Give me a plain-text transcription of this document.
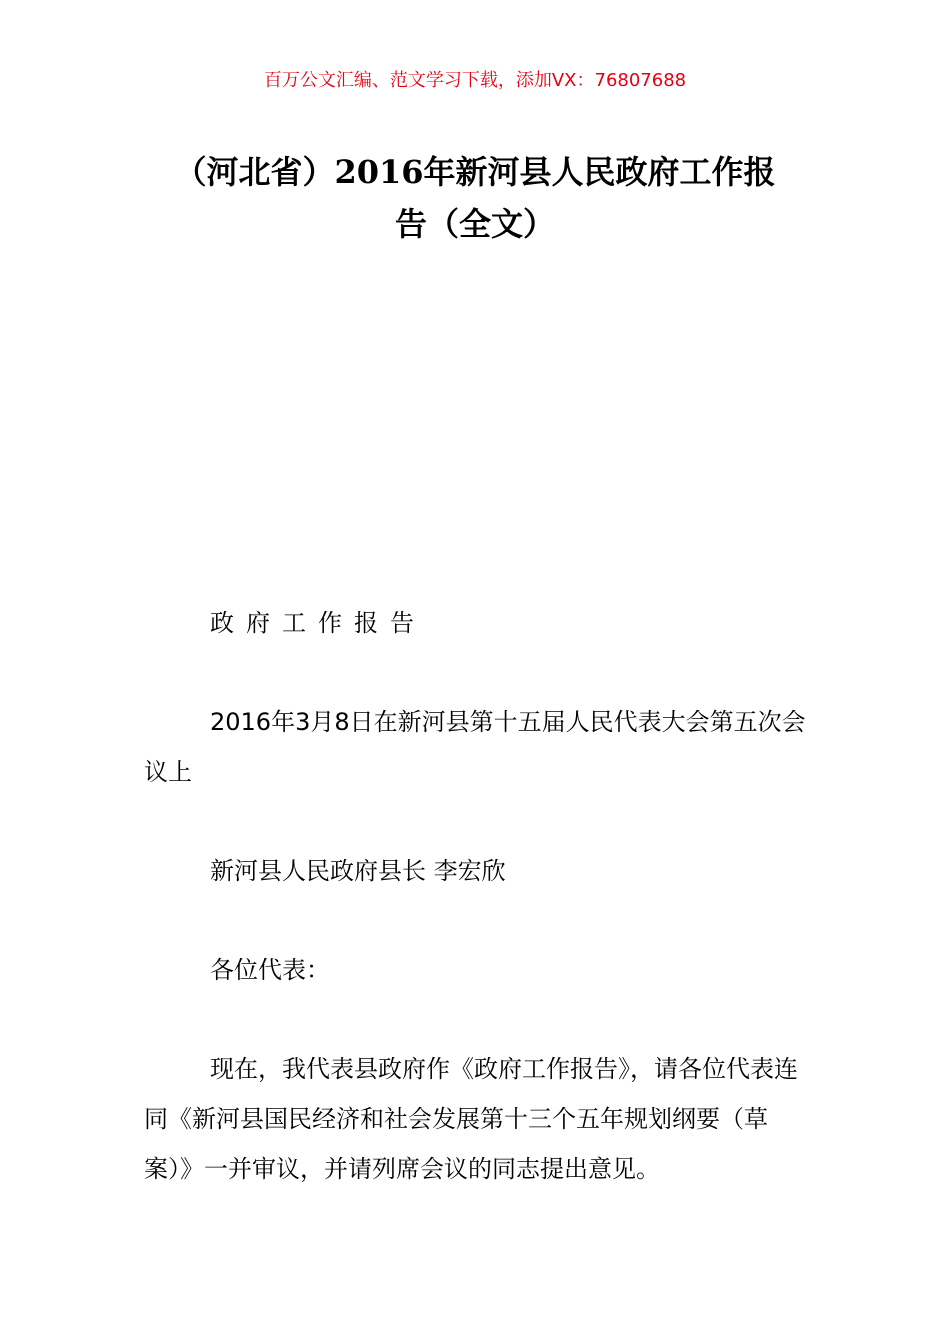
百万公文汇编、范文学习下载，添加VX：76807688
（河北省）2016年新河县人民政府工作报
告（全文）
政府工作报告
2016年3月8日在新河县第十五届人民代表大会第五次会议上
新河县人民政府县长 李宏欣
各位代表：
现在，我代表县政府作《政府工作报告》，请各位代表连同《新河县国民经济和社会发展第十三个五年规划纲要（草案）》一并审议，并请列席会议的同志提出意见。
